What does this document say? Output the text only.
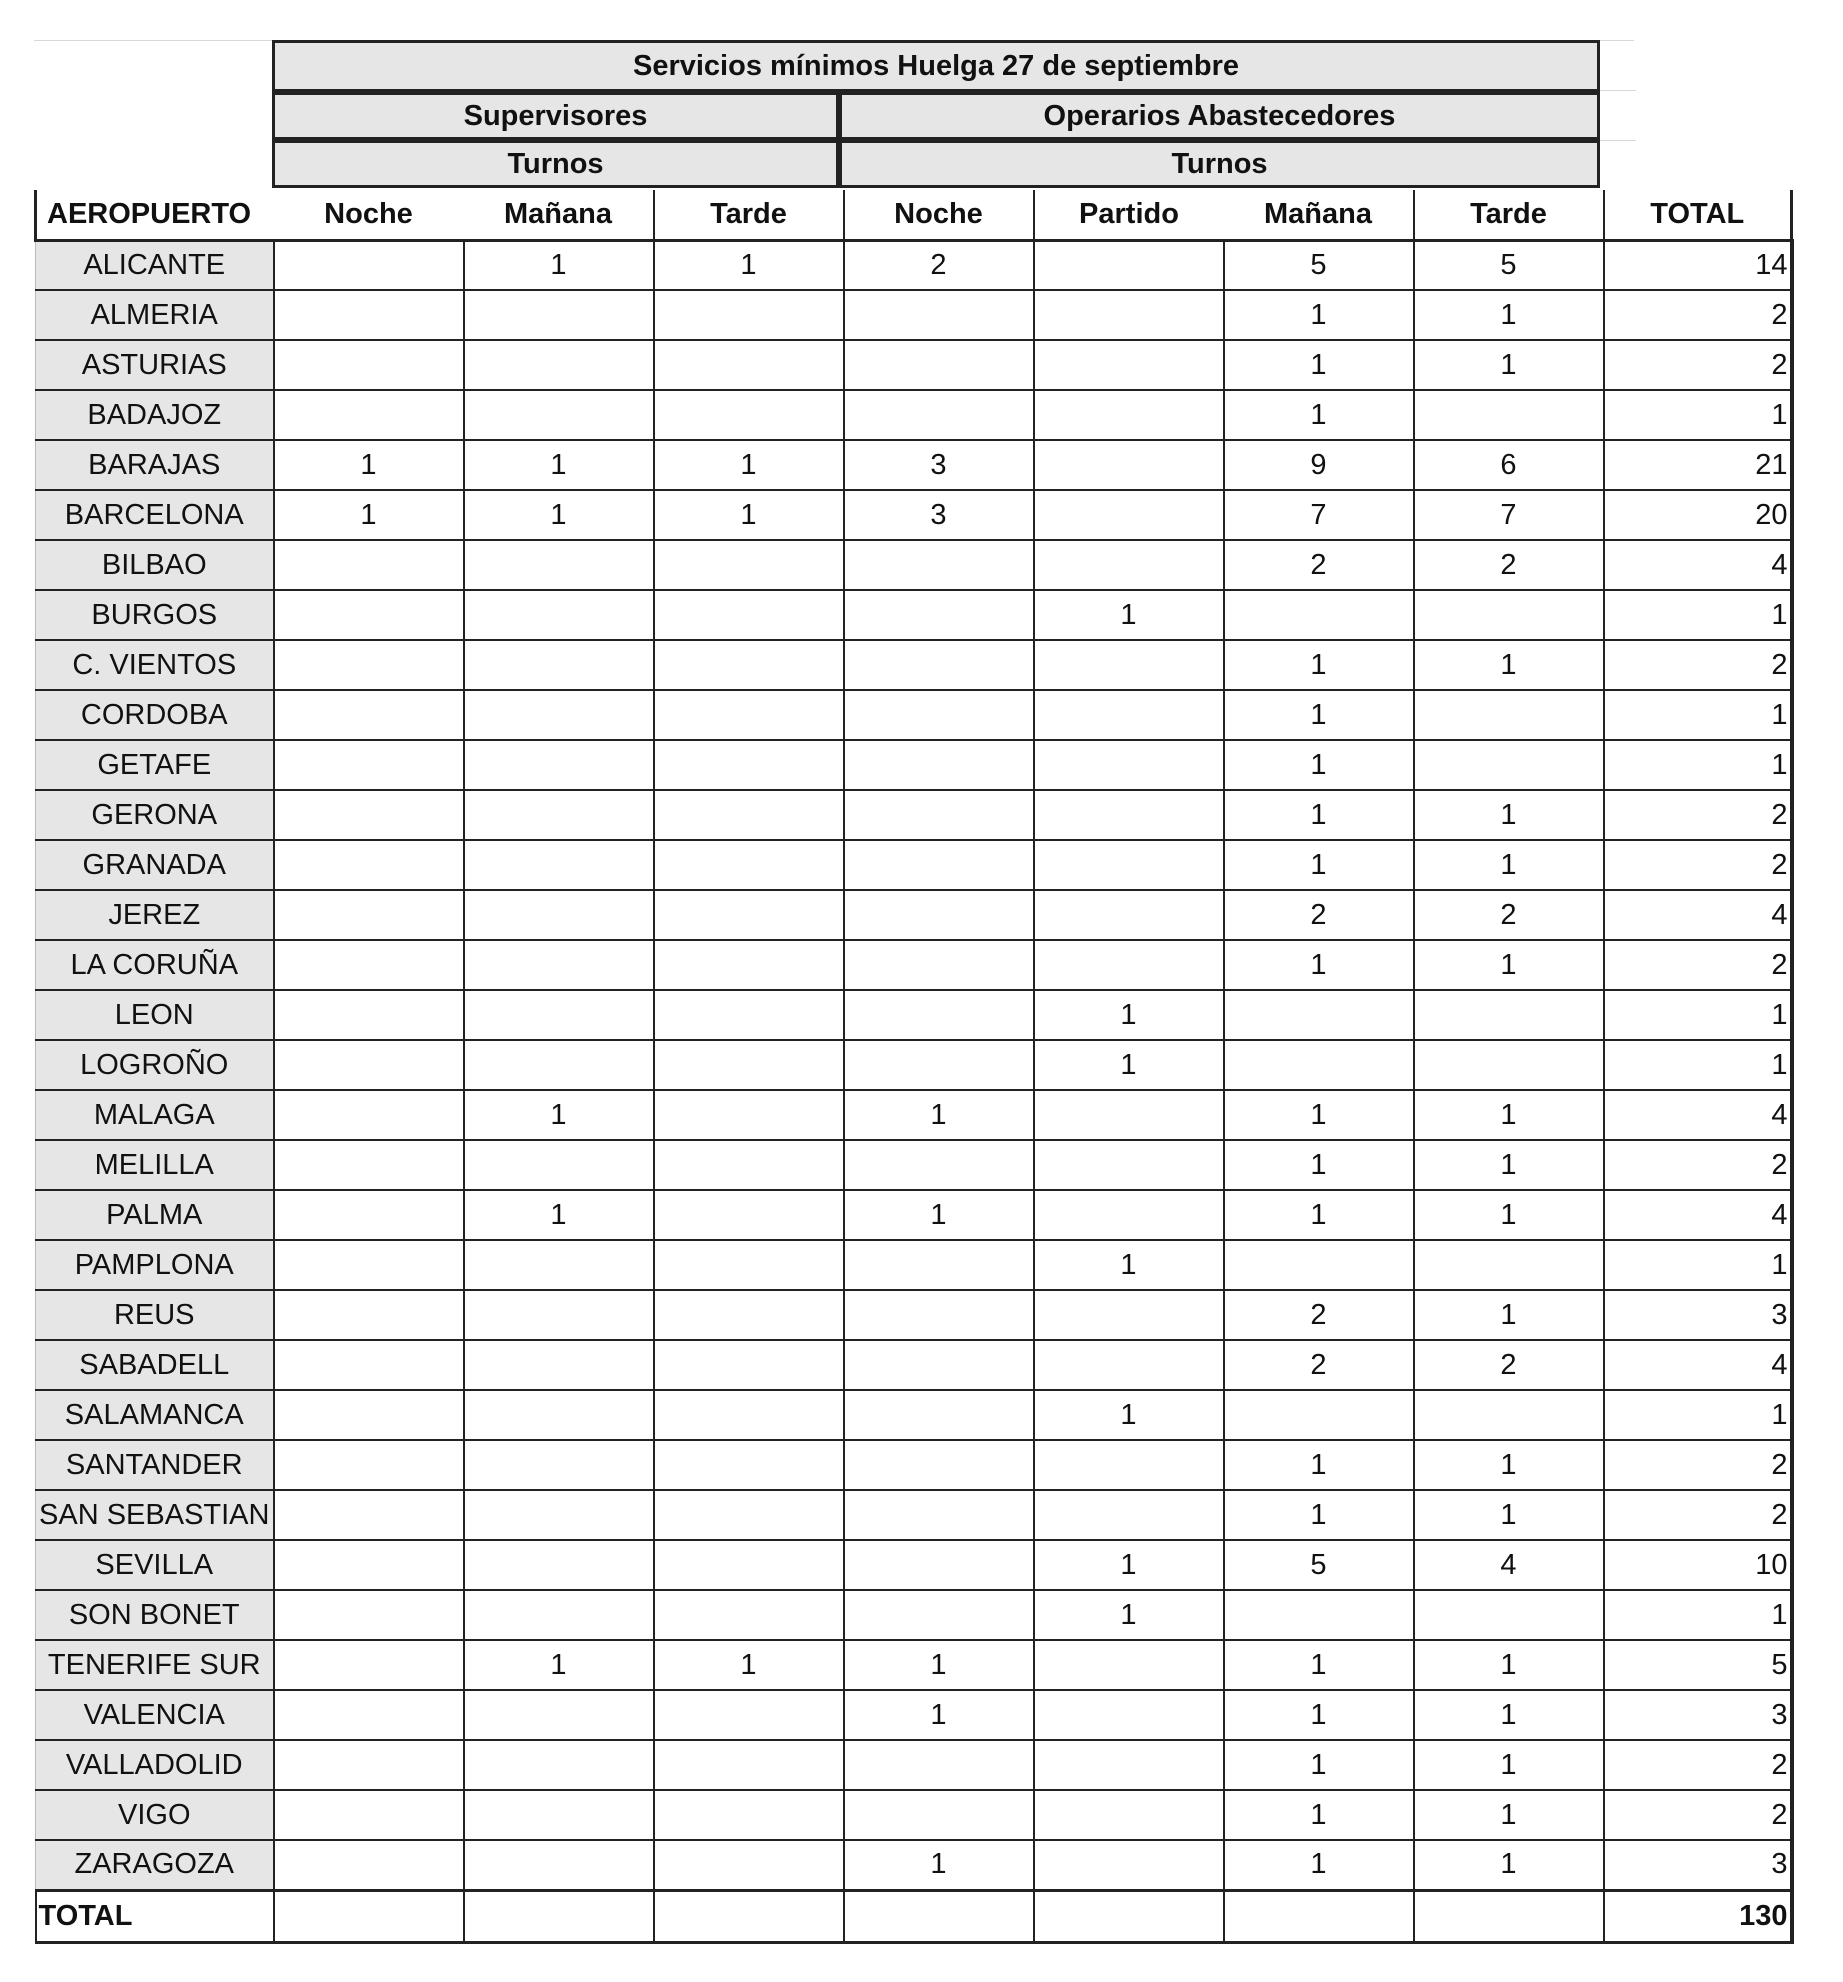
Servicios mínimos Huelga 27 de septiembre
Supervisores	Operarios Abastecedores
Turnos	Turnos
AEROPUERTO	Noche	Mañana	Tarde	Noche	Partido	Mañana	Tarde	TOTAL
ALICANTE		1	1	2		5	5	14
ALMERIA						1	1	2
ASTURIAS						1	1	2
BADAJOZ						1		1
BARAJAS	1	1	1	3		9	6	21
BARCELONA	1	1	1	3		7	7	20
BILBAO						2	2	4
BURGOS					1			1
C. VIENTOS						1	1	2
CORDOBA						1		1
GETAFE						1		1
GERONA						1	1	2
GRANADA						1	1	2
JEREZ						2	2	4
LA CORUÑA						1	1	2
LEON					1			1
LOGROÑO					1			1
MALAGA		1		1		1	1	4
MELILLA						1	1	2
PALMA		1		1		1	1	4
PAMPLONA					1			1
REUS						2	1	3
SABADELL						2	2	4
SALAMANCA					1			1
SANTANDER						1	1	2
SAN SEBASTIAN						1	1	2
SEVILLA					1	5	4	10
SON BONET					1			1
TENERIFE SUR		1	1	1		1	1	5
VALENCIA				1		1	1	3
VALLADOLID						1	1	2
VIGO						1	1	2
ZARAGOZA				1		1	1	3
TOTAL								130
